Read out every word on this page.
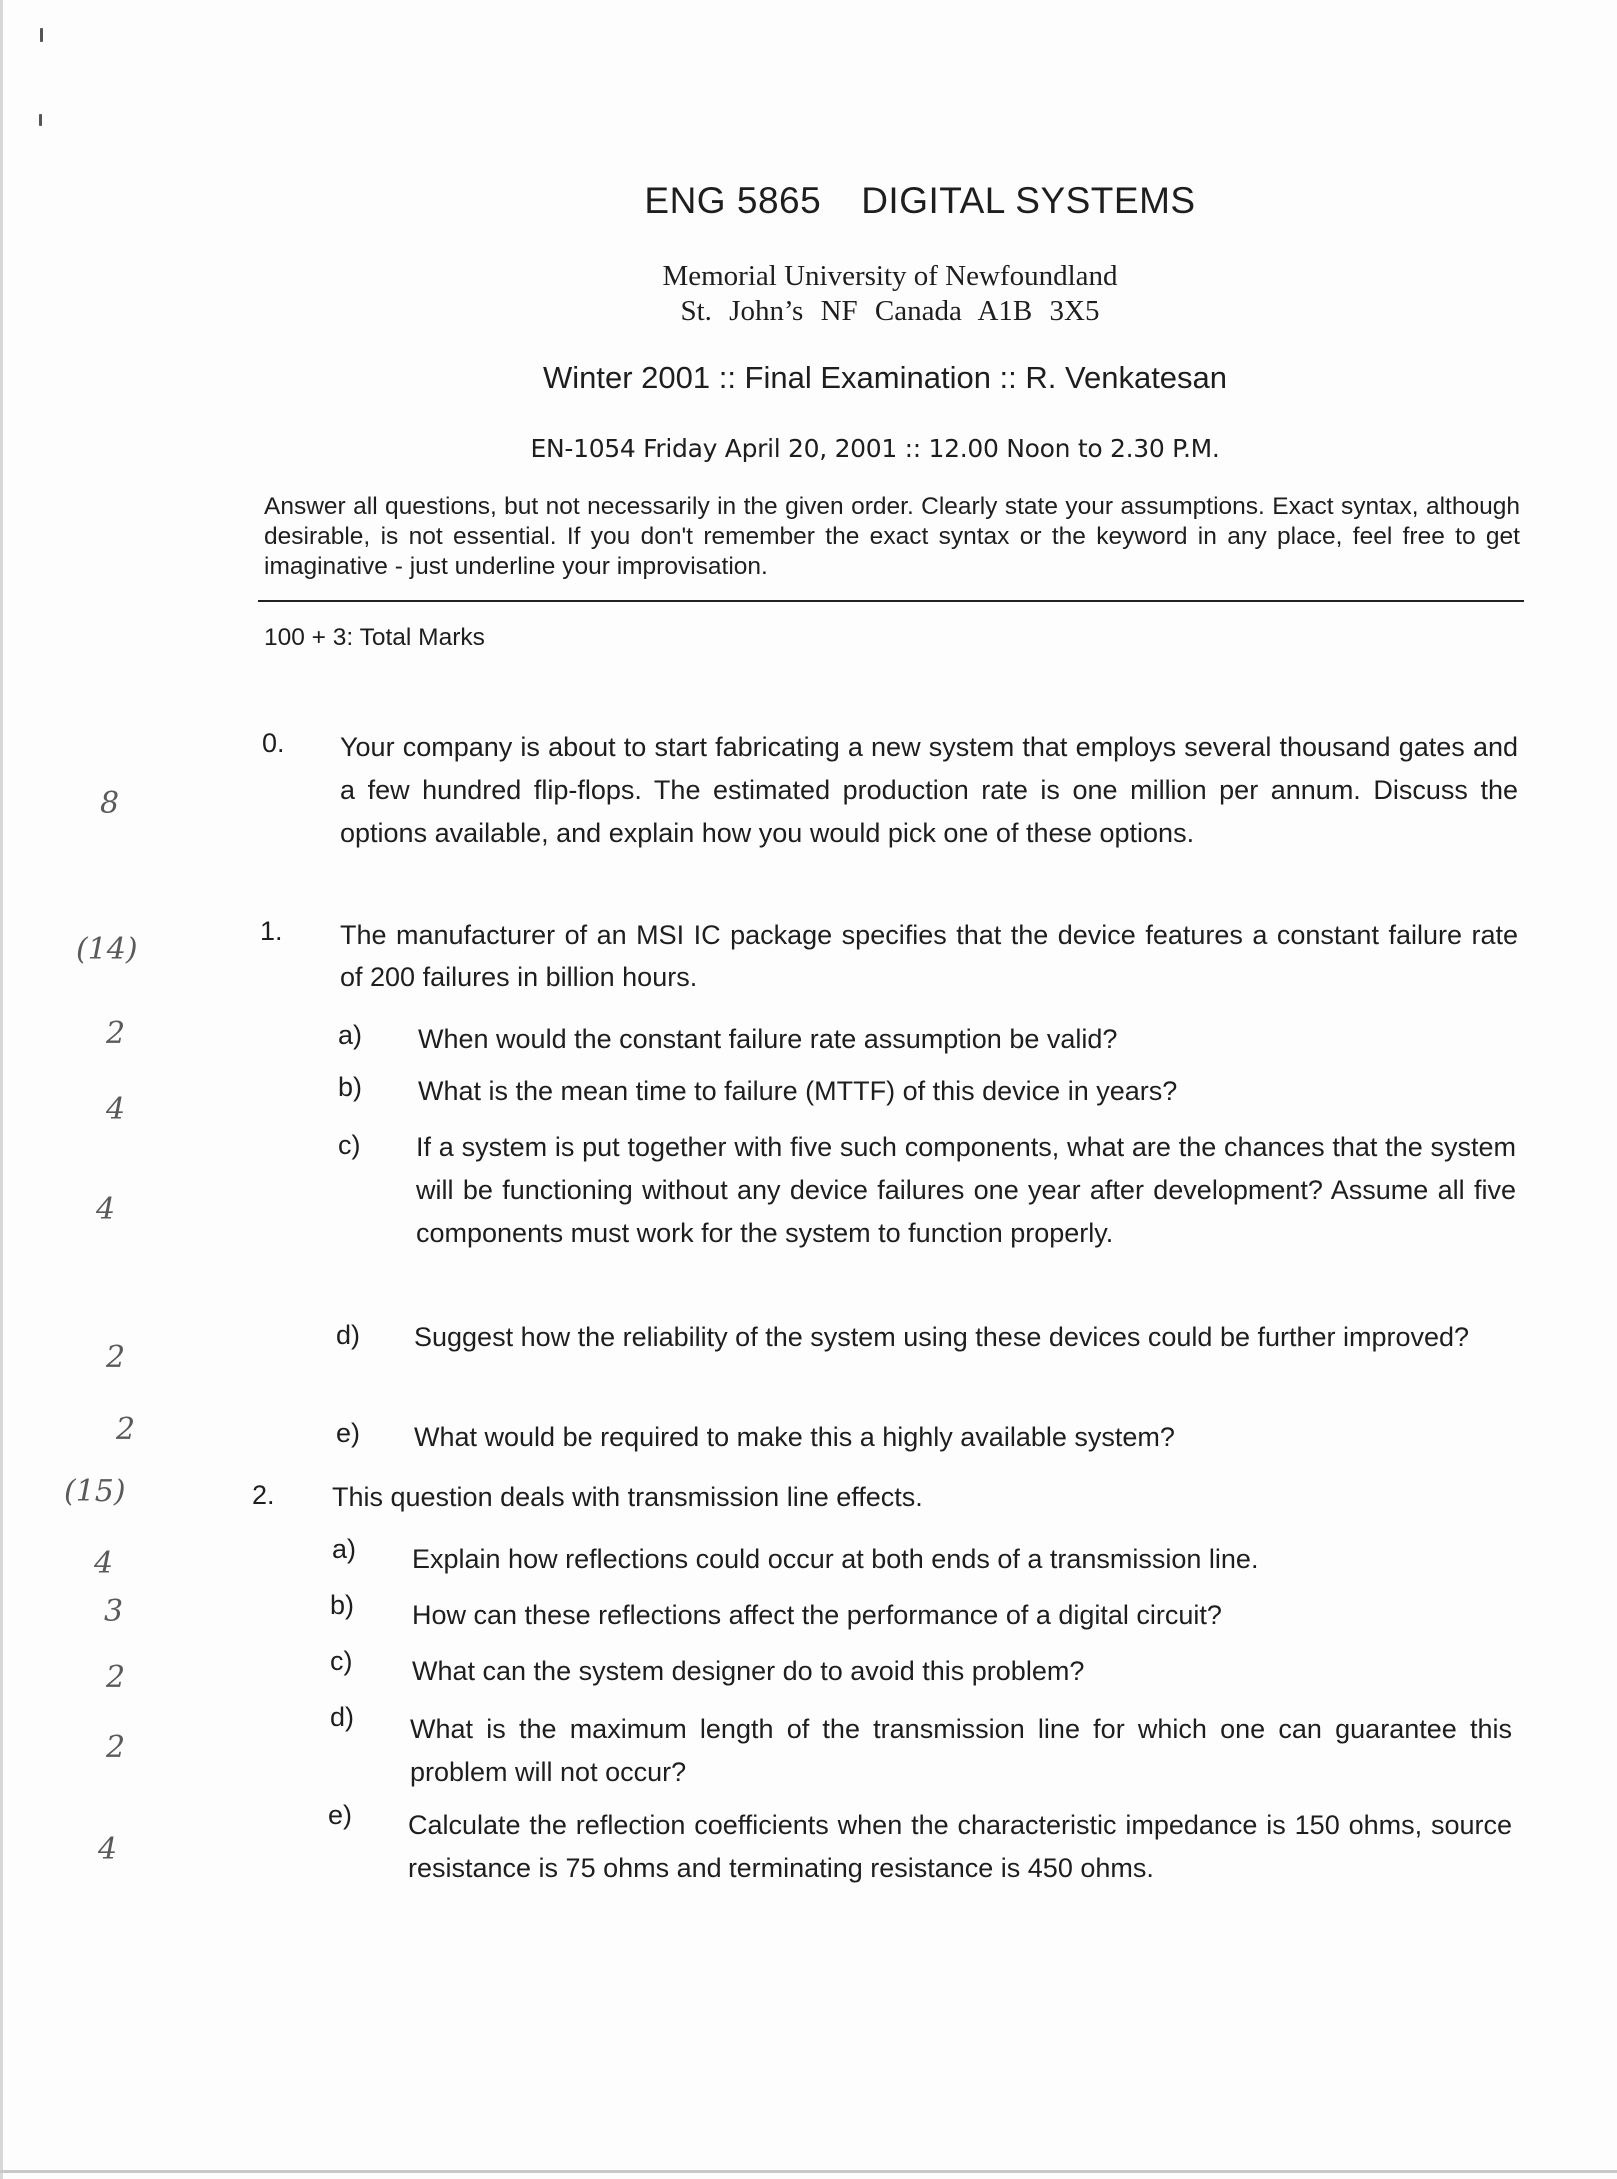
ENG 5865 DIGITAL SYSTEMS
Memorial University of Newfoundland
St. John’s NF Canada A1B 3X5
Winter 2001 :: Final Examination :: R. Venkatesan
EN-1054 Friday April 20, 2001 :: 12.00 Noon to 2.30 P.M.
Answer all questions, but not necessarily in the given order. Clearly state your assumptions. Exact syntax, although desirable, is not essential. If you don't remember the exact syntax or the keyword in any place, feel free to get imaginative - just underline your improvisation.
100 + 3: Total Marks
8
0. Your company is about to start fabricating a new system that employs several thousand gates and a few hundred flip-flops. The estimated production rate is one million per annum. Discuss the options available, and explain how you would pick one of these options.
(14)
1. The manufacturer of an MSI IC package specifies that the device features a constant failure rate of 200 failures in billion hours.
2	a) When would the constant failure rate assumption be valid?
4
b) What is the mean time to failure (MTTF) of this device in years?
4
c) If a system is put together with five such components, what are the chances that the system will be functioning without any device failures one year after development? Assume all five components must work for the system to function properly.
2
d) Suggest how the reliability of the system using these devices could be further improved?
2	e) What would be required to make this a highly available system?
(15)	2. This question deals with transmission line effects.
4	a) Explain how reflections could occur at both ends of a transmission line.
3	b) How can these reflections affect the performance of a digital circuit?
2	c) What can the system designer do to avoid this problem?
2
d) What is the maximum length of the transmission line for which one can guarantee this problem will not occur?
4
e) Calculate the reflection coefficients when the characteristic impedance is 150 ohms, source resistance is 75 ohms and terminating resistance is 450 ohms.
